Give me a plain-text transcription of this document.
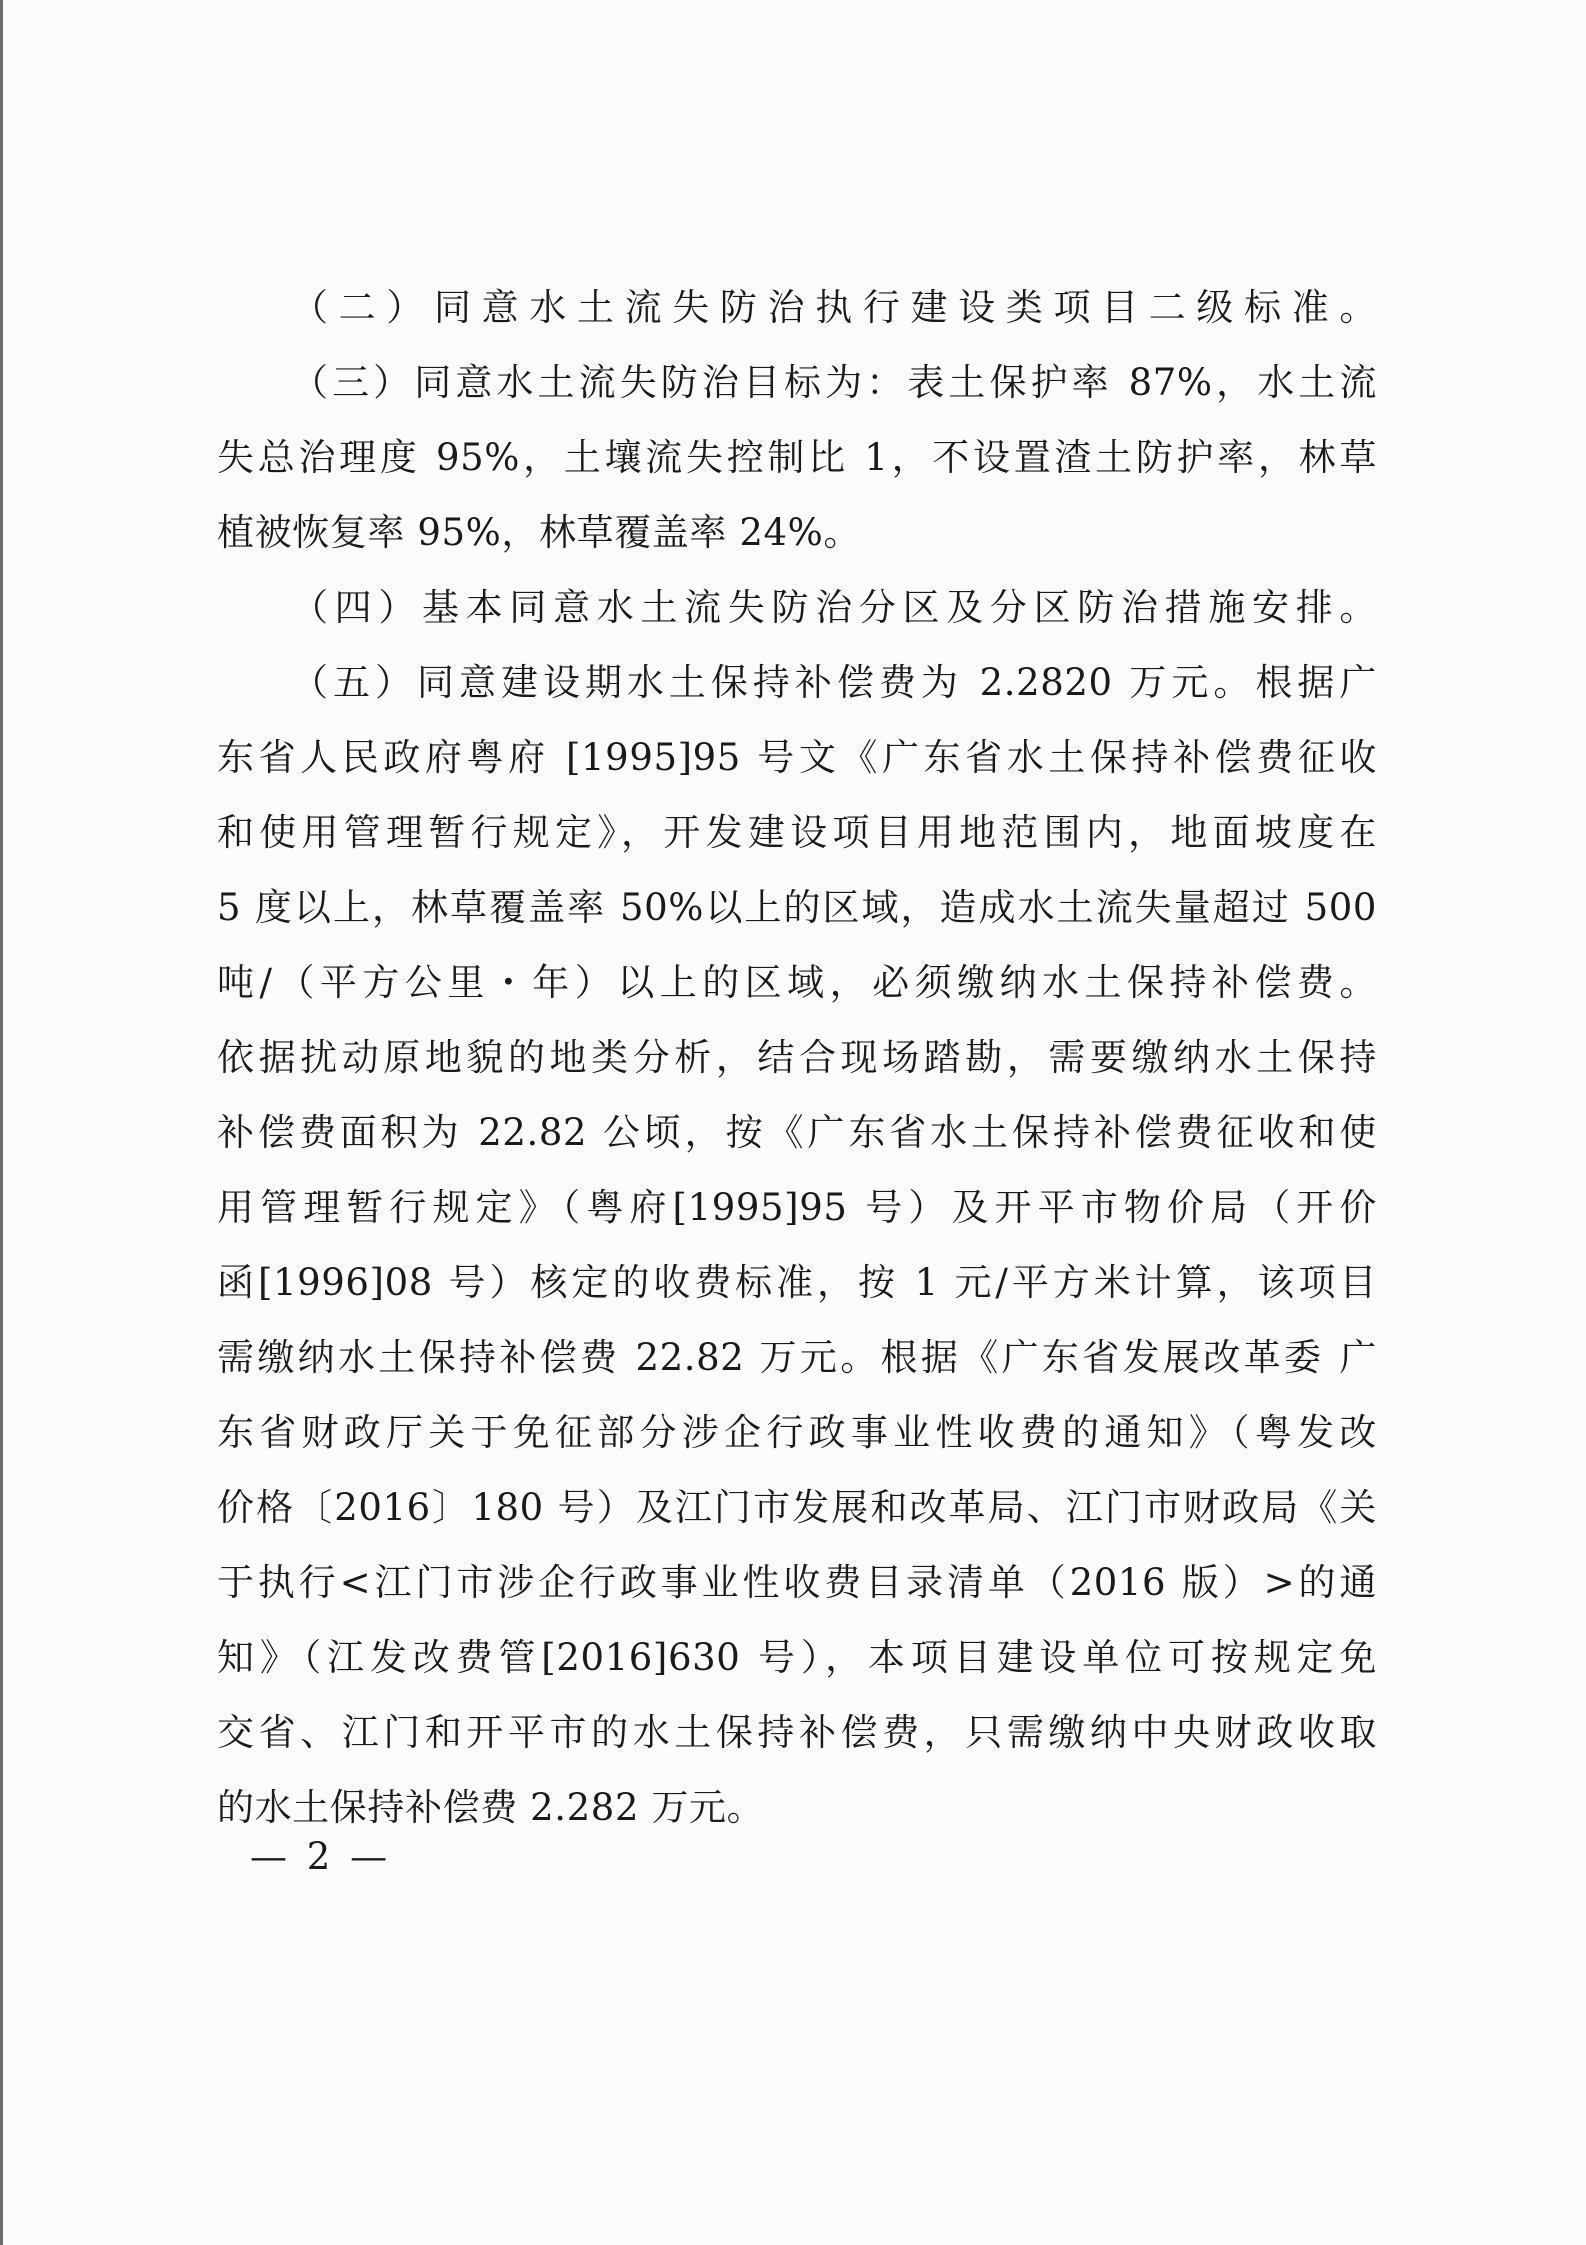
（二）同意水土流失防治执行建设类项目二级标准。
（三）同意水土流失防治目标为：表土保护率 87%，水土流
失总治理度 95%，土壤流失控制比 1，不设置渣土防护率，林草
植被恢复率 95%，林草覆盖率 24%。
（四）基本同意水土流失防治分区及分区防治措施安排。
（五）同意建设期水土保持补偿费为 2.2820 万元。根据广
东省人民政府粤府 [1995]95 号文《广东省水土保持补偿费征收
和使用管理暂行规定》，开发建设项目用地范围内，地面坡度在
5 度以上，林草覆盖率 50%以上的区域，造成水土流失量超过 500
吨/（平方公里・年）以上的区域，必须缴纳水土保持补偿费。
依据扰动原地貌的地类分析，结合现场踏勘，需要缴纳水土保持
补偿费面积为 22.82 公顷，按《广东省水土保持补偿费征收和使
用管理暂行规定》（粤府[1995]95 号）及开平市物价局（开价
函[1996]08 号）核定的收费标准，按 1 元/平方米计算，该项目
需缴纳水土保持补偿费 22.82 万元。根据《广东省发展改革委 广
东省财政厅关于免征部分涉企行政事业性收费的通知》（粤发改
价格〔2016〕180 号）及江门市发展和改革局、江门市财政局《关
于执行<江门市涉企行政事业性收费目录清单（2016 版）>的通
知》（江发改费管[2016]630 号），本项目建设单位可按规定免
交省、江门和开平市的水土保持补偿费，只需缴纳中央财政收取
的水土保持补偿费 2.282 万元。
— 2 —
